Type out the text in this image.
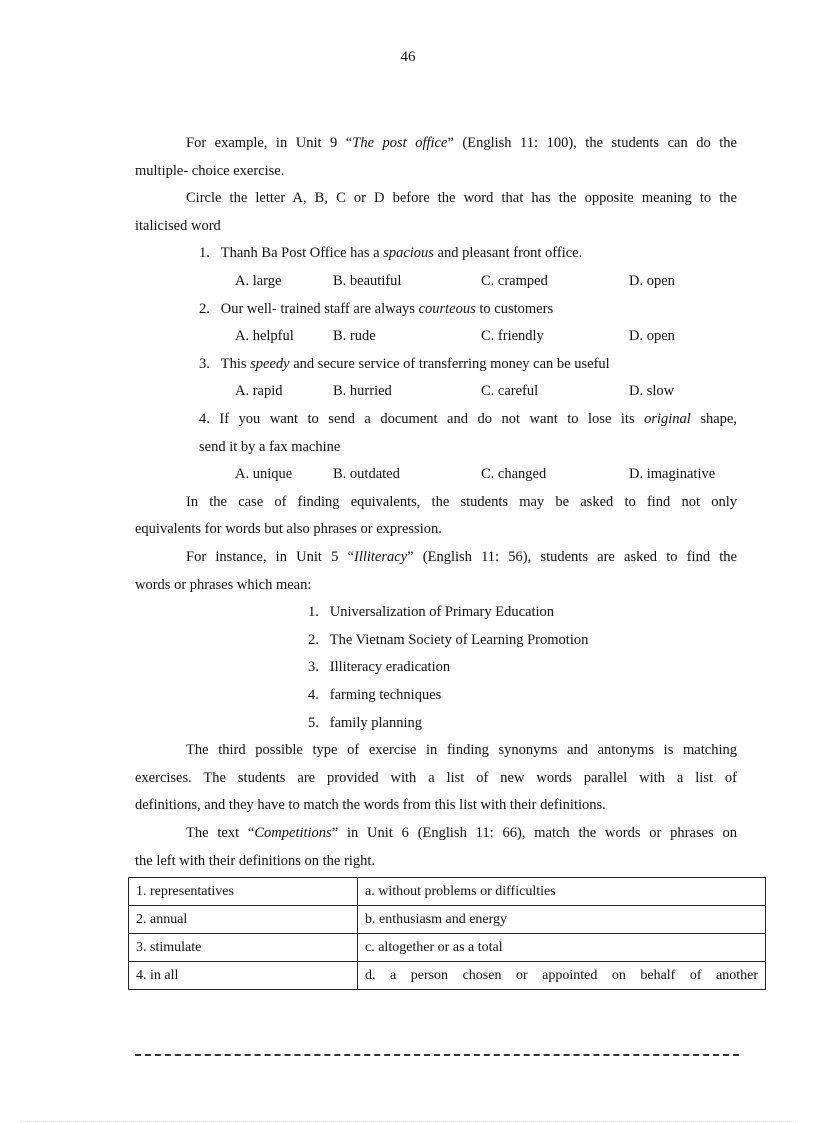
46
For example, in Unit 9 “The post office” (English 11: 100), the students can do the
multiple- choice exercise.
Circle the letter A, B, C or D before the word that has the opposite meaning to the
italicised word
1. Thanh Ba Post Office has a spacious and pleasant front office.
A. large	B. beautiful	C. cramped	D. open
2. Our well- trained staff are always courteous to customers
A. helpful	B. rude	C. friendly	D. open
3. This speedy and secure service of transferring money can be useful
A. rapid	B. hurried	C. careful	D. slow
4. If you want to send a document and do not want to lose its original shape,
send it by a fax machine
A. unique	B. outdated	C. changed	D. imaginative
In the case of finding equivalents, the students may be asked to find not only
equivalents for words but also phrases or expression.
For instance, in Unit 5 “Illiteracy” (English 11: 56), students are asked to find the
words or phrases which mean:
1. Universalization of Primary Education
2. The Vietnam Society of Learning Promotion
3. Illiteracy eradication
4. farming techniques
5. family planning
The third possible type of exercise in finding synonyms and antonyms is matching
exercises. The students are provided with a list of new words parallel with a list of
definitions, and they have to match the words from this list with their definitions.
The text “Competitions” in Unit 6 (English 11: 66), match the words or phrases on
the left with their definitions on the right.
1. representatives	a. without problems or difficulties
2. annual	b. enthusiasm and energy
3. stimulate	c. altogether or as a total
4. in all	d. a person chosen or appointed on behalf of another
